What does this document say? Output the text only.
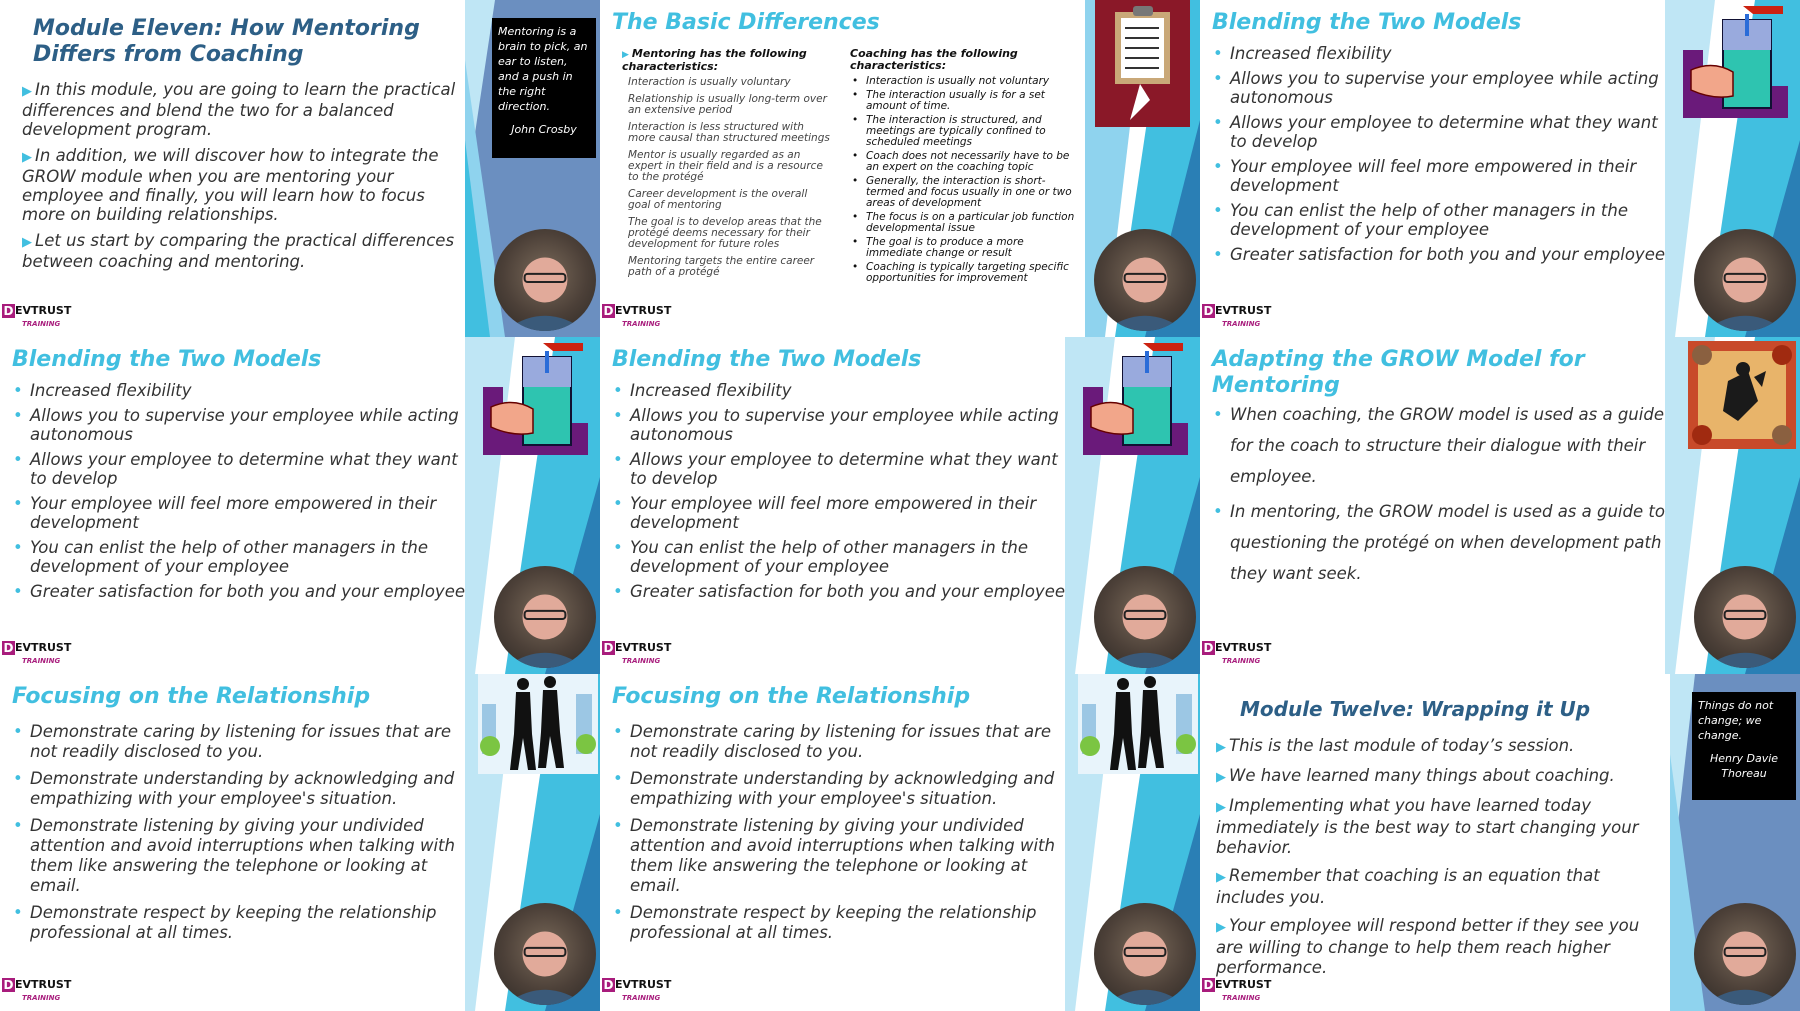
Module Eleven: How Mentoring Differs from Coaching
▶ In this module, you are going to learn the practical differences and blend the two for a balanced development program.
▶ In addition, we will discover how to integrate the GROW module when you are mentoring your employee and finally, you will learn how to focus more on building relationships.
▶ Let us start by comparing the practical differences between coaching and mentoring.
Mentoring is a brain to pick, an ear to listen, and a push in the right direction.
John Crosby
D $^{EVTRUST}$
TRAINING
The Basic Differences
▶ Mentoring has the following characteristics:
Interaction is usually voluntary
Relationship is usually long-term over an extensive period
Interaction is less structured with more causal than structured meetings
Mentor is usually regarded as an expert in their field and is a resource to the protégé
Career development is the overall goal of mentoring
The goal is to develop areas that the protégé deems necessary for their development for future roles
Mentoring targets the entire career path of a protégé
Coaching has the following characteristics:
• Interaction is usually not voluntary
• The interaction usually is for a set amount of time.
• The interaction is structured, and meetings are typically confined to scheduled meetings
• Coach does not necessarily have to be an expert on the coaching topic
• Generally, the interaction is short-termed and focus usually in one or two areas of development
• The focus is on a particular job function developmental issue
• The goal is to produce a more immediate change or result
• Coaching is typically targeting specific opportunities for improvement
D $^{EVTRUST}$
TRAINING
Blending the Two Models
• Increased flexibility
• Allows you to supervise your employee while acting autonomous
• Allows your employee to determine what they want to develop
• Your employee will feel more empowered in their development
• You can enlist the help of other managers in the development of your employee
• Greater satisfaction for both you and your employee
D $^{EVTRUST}$
TRAINING
Blending the Two Models
• Increased flexibility
• Allows you to supervise your employee while acting autonomous
• Allows your employee to determine what they want to develop
• Your employee will feel more empowered in their development
• You can enlist the help of other managers in the development of your employee
• Greater satisfaction for both you and your employee
D $^{EVTRUST}$
TRAINING
Blending the Two Models
• Increased flexibility
• Allows you to supervise your employee while acting autonomous
• Allows your employee to determine what they want to develop
• Your employee will feel more empowered in their development
• You can enlist the help of other managers in the development of your employee
• Greater satisfaction for both you and your employee
D $^{EVTRUST}$
TRAINING
Adapting the GROW Model for Mentoring
• When coaching, the GROW model is used as a guide for the coach to structure their dialogue with their employee.
• In mentoring, the GROW model is used as a guide to questioning the protégé on when development path they want seek.
D $^{EVTRUST}$
TRAINING
Focusing on the Relationship
• Demonstrate caring by listening for issues that are not readily disclosed to you.
• Demonstrate understanding by acknowledging and empathizing with your employee's situation.
• Demonstrate listening by giving your undivided attention and avoid interruptions when talking with them like answering the telephone or looking at email.
• Demonstrate respect by keeping the relationship professional at all times.
D $^{EVTRUST}$
TRAINING
Focusing on the Relationship
• Demonstrate caring by listening for issues that are not readily disclosed to you.
• Demonstrate understanding by acknowledging and empathizing with your employee's situation.
• Demonstrate listening by giving your undivided attention and avoid interruptions when talking with them like answering the telephone or looking at email.
• Demonstrate respect by keeping the relationship professional at all times.
D $^{EVTRUST}$
TRAINING
Module Twelve: Wrapping it Up
▶ This is the last module of today’s session.
▶ We have learned many things about coaching.
▶ Implementing what you have learned today immediately is the best way to start changing your behavior.
▶ Remember that coaching is an equation that includes you.
▶ Your employee will respond better if they see you are willing to change to help them reach higher performance.
Things do not change; we change.
Henry Davie Thoreau
D $^{EVTRUST}$
TRAINING
